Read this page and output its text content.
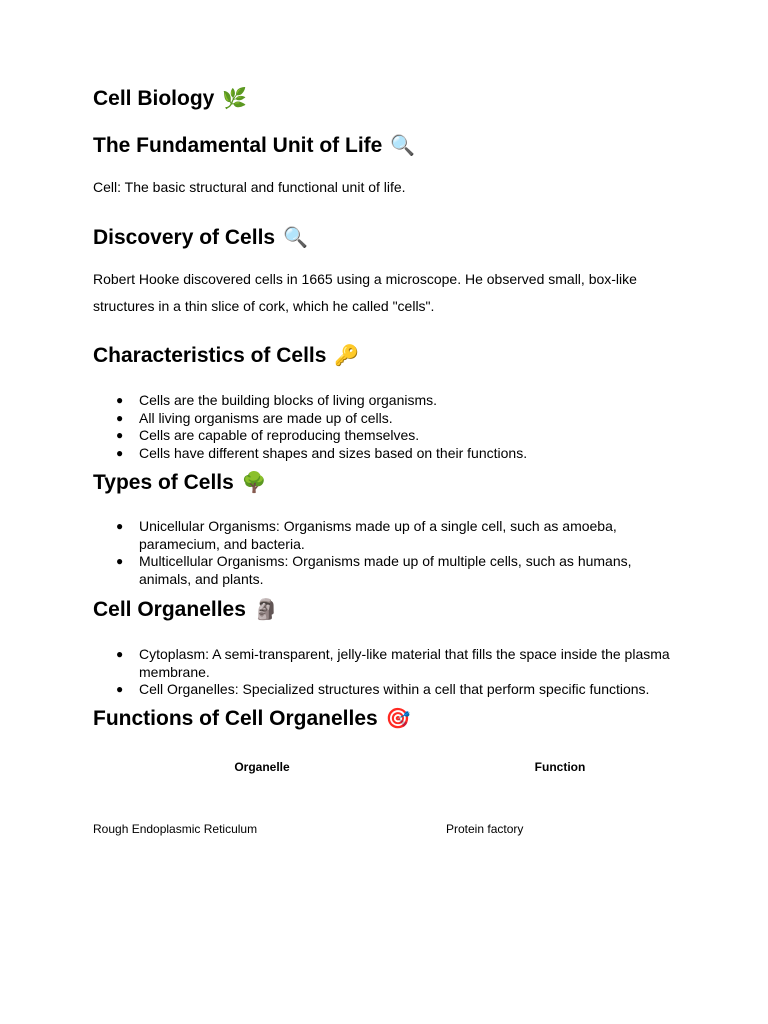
Cell Biology 🌿
The Fundamental Unit of Life 🔍

Cell: The basic structural and functional unit of life.

Discovery of Cells 🔍

Robert Hooke discovered cells in 1665 using a microscope. He observed small, box-like structures in a thin slice of cork, which he called "cells".

Characteristics of Cells 🔑
● Cells are the building blocks of living organisms.
● All living organisms are made up of cells.
● Cells are capable of reproducing themselves.
● Cells have different shapes and sizes based on their functions.
Types of Cells 🌳
● Unicellular Organisms: Organisms made up of a single cell, such as amoeba, paramecium, and bacteria.
● Multicellular Organisms: Organisms made up of multiple cells, such as humans, animals, and plants.
Cell Organelles 🗿
● Cytoplasm: A semi-transparent, jelly-like material that fills the space inside the plasma membrane.
● Cell Organelles: Specialized structures within a cell that perform specific functions.
Functions of Cell Organelles 🎯
Organelle	Function
Rough Endoplasmic Reticulum	Protein factory
